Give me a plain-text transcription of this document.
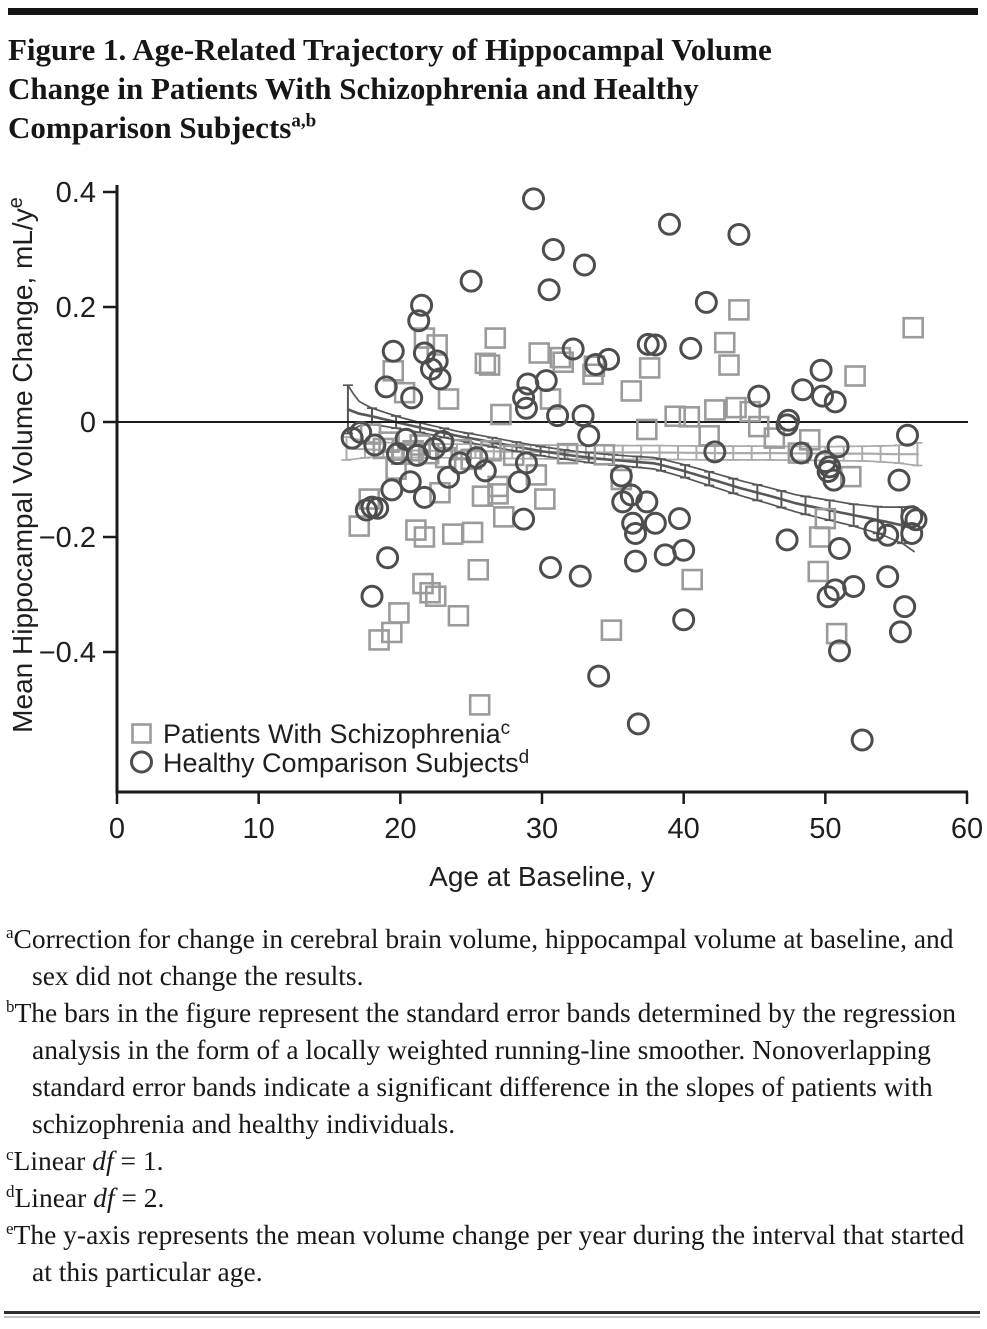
Figure 1. Age-Related Trajectory of Hippocampal Volume
Change in Patients With Schizophrenia and Healthy
Comparison Subjects$^{a,b}$
0.4
0.2
0
−0.2
−0.4
0	10	20	30	40	50	60
Age at Baseline, y
Mean Hippocampal Volume Change, $mL/y^e$
Patients With Schizophrenia$^c$
Healthy Comparison Subjects$^d$
$^a$Correction for change in cerebral brain volume, hippocampal volume at baseline, and sex did not change the results.
$^b$The bars in the figure represent the standard error bands determined by the regression analysis in the form of a locally weighted running-line smoother. Nonoverlapping standard error bands indicate a significant difference in the slopes of patients with schizophrenia and healthy individuals.
$^c$Linear df = 1.
$^d$Linear df = 2.
$^e$The y-axis represents the mean volume change per year during the interval that started at this particular age.
